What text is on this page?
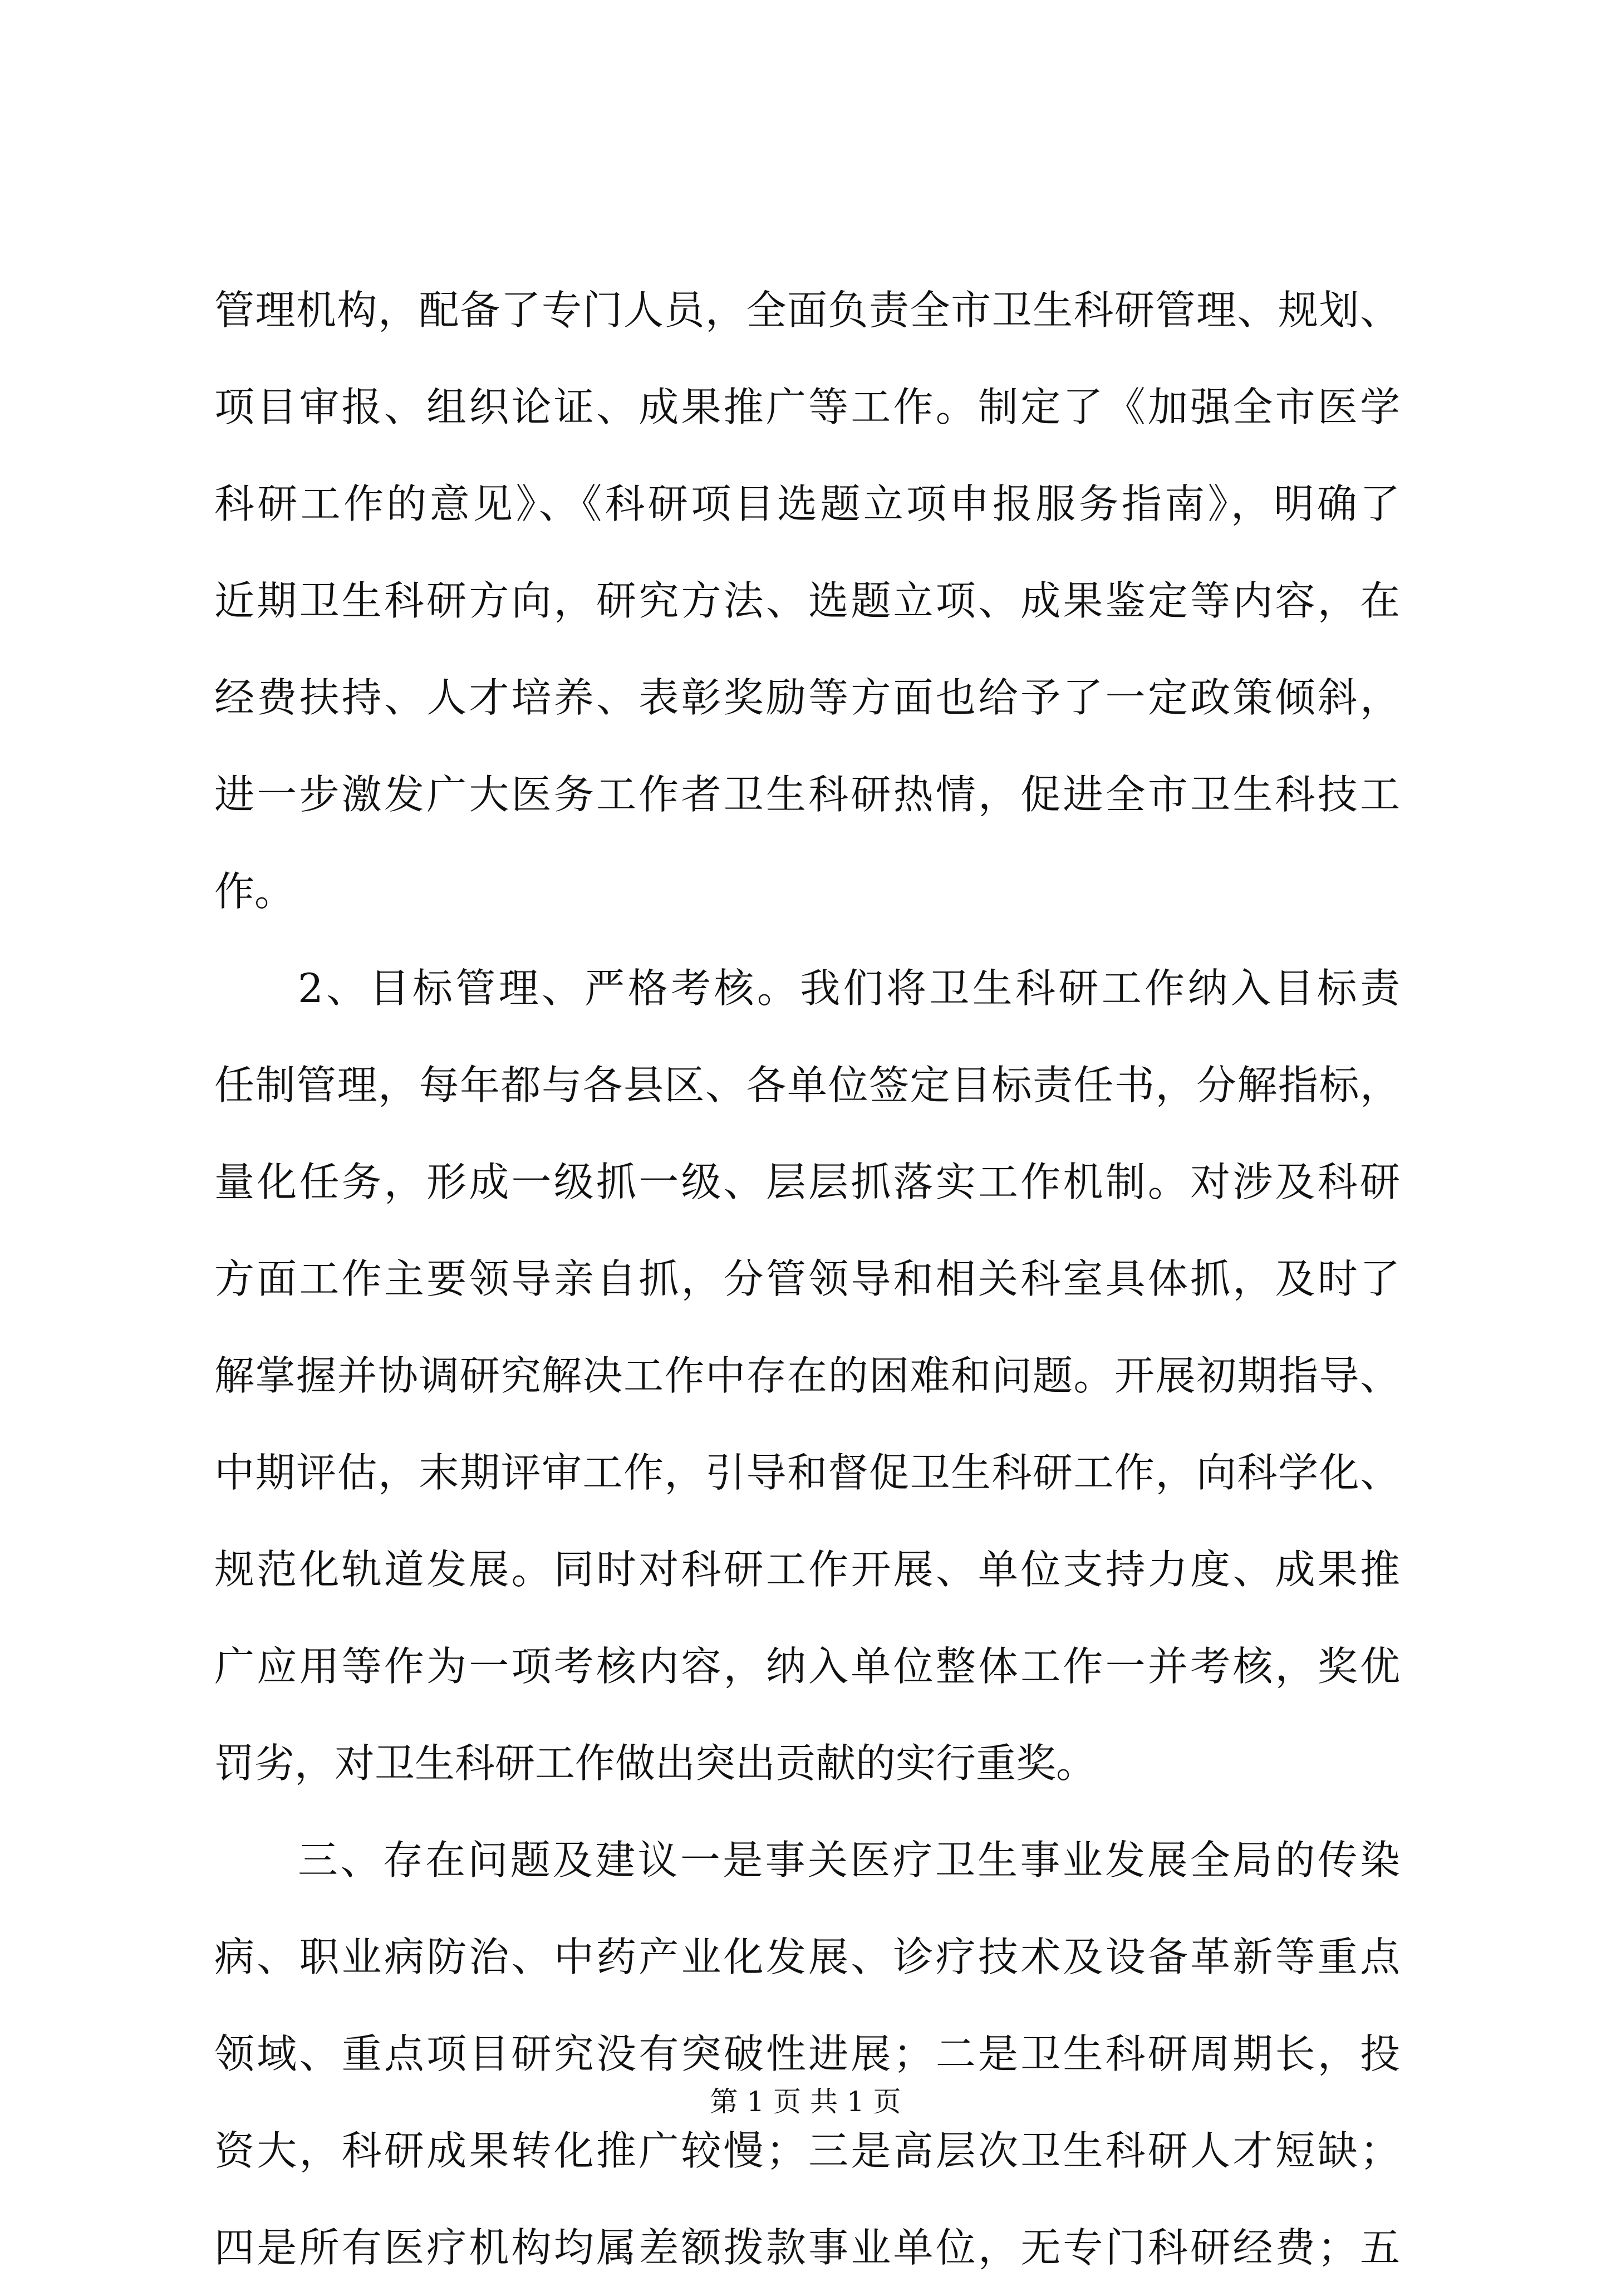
管理机构，配备了专门人员，全面负责全市卫生科研管理、规划、
项目审报、组织论证、成果推广等工作。制定了《加强全市医学
科研工作的意见》、《科研项目选题立项申报服务指南》，明确了
近期卫生科研方向，研究方法、选题立项、成果鉴定等内容，在
经费扶持、人才培养、表彰奖励等方面也给予了一定政策倾斜，
进一步激发广大医务工作者卫生科研热情，促进全市卫生科技工
作。
2、目标管理、严格考核。我们将卫生科研工作纳入目标责
任制管理，每年都与各县区、各单位签定目标责任书，分解指标，
量化任务，形成一级抓一级、层层抓落实工作机制。对涉及科研
方面工作主要领导亲自抓，分管领导和相关科室具体抓，及时了
解掌握并协调研究解决工作中存在的困难和问题。开展初期指导、
中期评估，末期评审工作，引导和督促卫生科研工作，向科学化、
规范化轨道发展。同时对科研工作开展、单位支持力度、成果推
广应用等作为一项考核内容，纳入单位整体工作一并考核，奖优
罚劣，对卫生科研工作做出突出贡献的实行重奖。
三、存在问题及建议一是事关医疗卫生事业发展全局的传染
病、职业病防治、中药产业化发展、诊疗技术及设备革新等重点
领域、重点项目研究没有突破性进展；二是卫生科研周期长，投
资大，科研成果转化推广较慢；三是高层次卫生科研人才短缺；
四是所有医疗机构均属差额拨款事业单位，无专门科研经费；五
第 1 页 共 1 页
